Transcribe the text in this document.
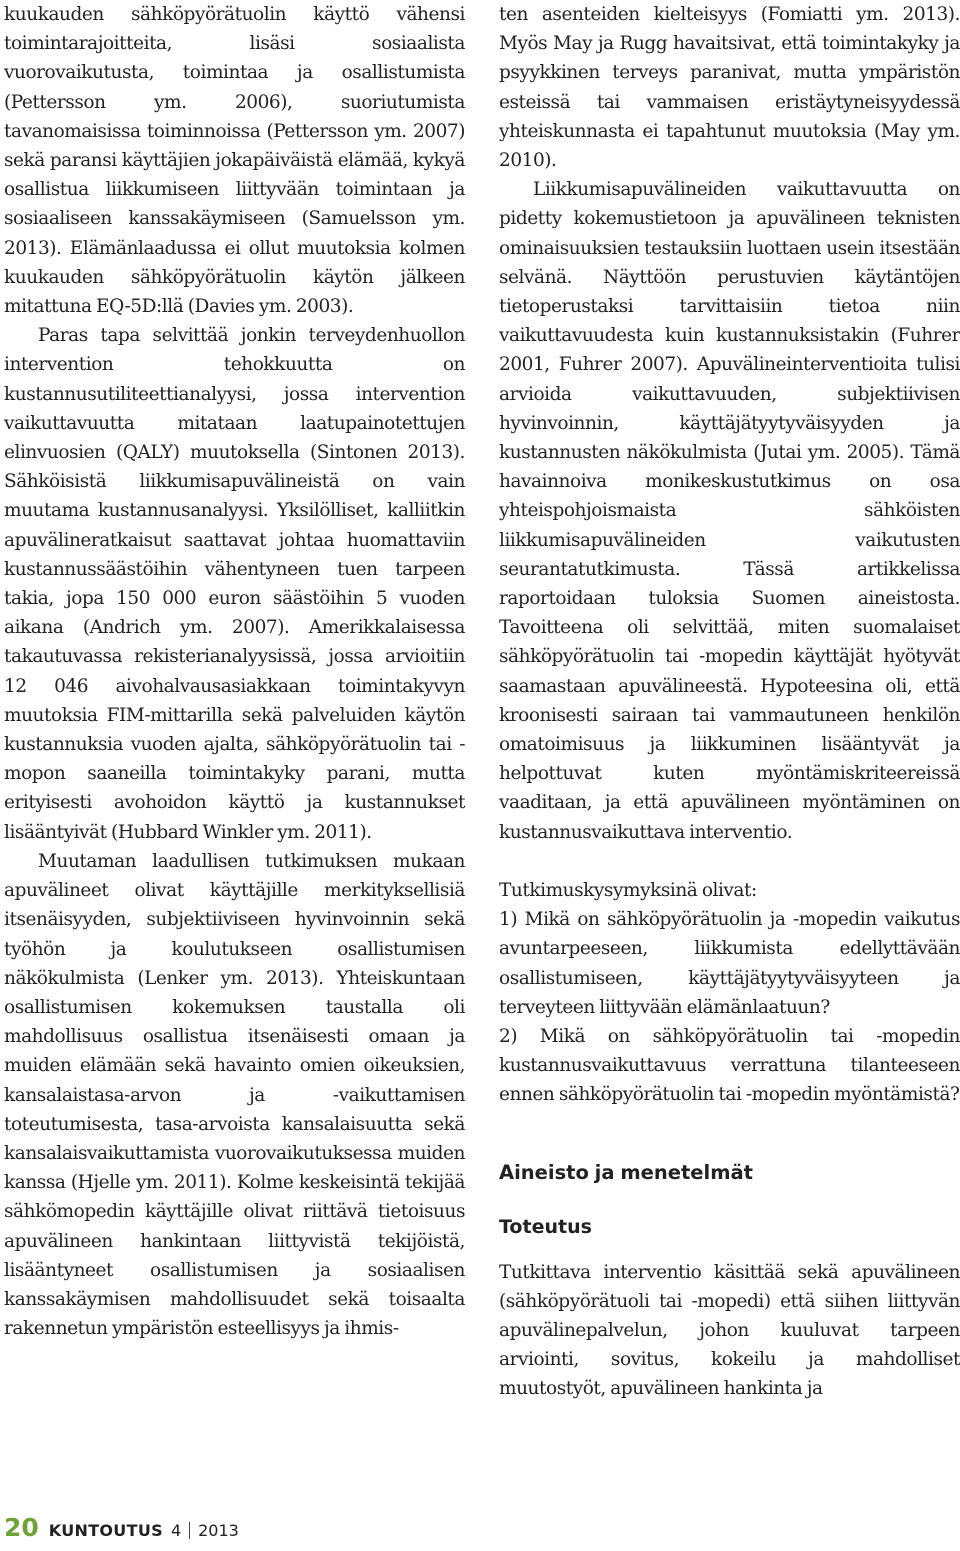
kuukauden sähköpyörätuolin käyttö vähensi toimintarajoitteita, lisäsi sosiaalista vuorovaikutusta, toimintaa ja osallistumista (Pettersson ym. 2006), suoriutumista tavanomaisissa toiminnoissa (Pettersson ym. 2007) sekä paransi käyttäjien jokapäiväistä elämää, kykyä osallistua liikkumiseen liittyvään toimintaan ja sosiaaliseen kanssakäymiseen (Samuelsson ym. 2013). Elämänlaadussa ei ollut muutoksia kolmen kuukauden sähköpyörätuolin käytön jälkeen mitattuna EQ-5D:llä (Davies ym. 2003).

Paras tapa selvittää jonkin terveydenhuollon intervention tehokkuutta on kustannusutiliteettianalyysi, jossa intervention vaikuttavuutta mitataan laatupainotettujen elinvuosien (QALY) muutoksella (Sintonen 2013). Sähköisistä liikkumisapuvälineistä on vain muutama kustannusanalyysi. Yksilölliset, kalliitkin apuvälineratkaisut saattavat johtaa huomattaviin kustannussäästöihin vähentyneen tuen tarpeen takia, jopa 150 000 euron säästöihin 5 vuoden aikana (Andrich ym. 2007). Amerikkalaisessa takautuvassa rekisterianalyysissä, jossa arvioitiin 12 046 aivohalvausasiakkaan toimintakyvyn muutoksia FIM-mittarilla sekä palveluiden käytön kustannuksia vuoden ajalta, sähköpyörätuolin tai -mopon saaneilla toimintakyky parani, mutta erityisesti avohoidon käyttö ja kustannukset lisääntyivät (Hubbard Winkler ym. 2011).

Muutaman laadullisen tutkimuksen mukaan apuvälineet olivat käyttäjille merkityksellisiä itsenäisyyden, subjektiiviseen hyvinvoinnin sekä työhön ja koulutukseen osallistumisen näkökulmista (Lenker ym. 2013). Yhteiskuntaan osallistumisen kokemuksen taustalla oli mahdollisuus osallistua itsenäisesti omaan ja muiden elämään sekä havainto omien oikeuksien, kansalaistasa-arvon ja -vaikuttamisen toteutumisesta, tasa-arvoista kansalaisuutta sekä kansalaisvaikuttamista vuorovaikutuksessa muiden kanssa (Hjelle ym. 2011). Kolme keskeisintä tekijää sähkömopedin käyttäjille olivat riittävä tietoisuus apuvälineen hankintaan liittyvistä tekijöistä, lisääntyneet osallistumisen ja sosiaalisen kanssakäymisen mahdollisuudet sekä toisaalta rakennetun ympäristön esteellisyys ja ihmis-

ten asenteiden kielteisyys (Fomiatti ym. 2013). Myös May ja Rugg havaitsivat, että toimintakyky ja psyykkinen terveys paranivat, mutta ympäristön esteissä tai vammaisen eristäytyneisyydessä yhteiskunnasta ei tapahtunut muutoksia (May ym. 2010).

Liikkumisapuvälineiden vaikuttavuutta on pidetty kokemustietoon ja apuvälineen teknisten ominaisuuksien testauksiin luottaen usein itsestään selvänä. Näyttöön perustuvien käytäntöjen tietoperustaksi tarvittaisiin tietoa niin vaikuttavuudesta kuin kustannuksistakin (Fuhrer 2001, Fuhrer 2007). Apuvälineinterventioita tulisi arvioida vaikuttavuuden, subjektiivisen hyvinvoinnin, käyttäjätyytyväisyyden ja kustannusten näkökulmista (Jutai ym. 2005). Tämä havainnoiva monikeskustutkimus on osa yhteispohjoismaista sähköisten liikkumisapuvälineiden vaikutusten seurantatutkimusta. Tässä artikkelissa raportoidaan tuloksia Suomen aineistosta. Tavoitteena oli selvittää, miten suomalaiset sähköpyörätuolin tai -mopedin käyttäjät hyötyvät saamastaan apuvälineestä. Hypoteesina oli, että kroonisesti sairaan tai vammautuneen henkilön omatoimisuus ja liikkuminen lisääntyvät ja helpottuvat kuten myöntämiskriteereissä vaaditaan, ja että apuvälineen myöntäminen on kustannusvaikuttava interventio.

Tutkimuskysymyksinä olivat:

1) Mikä on sähköpyörätuolin ja -mopedin vaikutus avuntarpeeseen, liikkumista edellyttävään osallistumiseen, käyttäjätyytyväisyyteen ja terveyteen liittyvään elämänlaatuun?

2) Mikä on sähköpyörätuolin tai -mopedin kustannusvaikuttavuus verrattuna tilanteeseen ennen sähköpyörätuolin tai -mopedin myöntämistä?

Aineisto ja menetelmät
Toteutus

Tutkittava interventio käsittää sekä apuvälineen (sähköpyörätuoli tai -mopedi) että siihen liittyvän apuvälinepalvelun, johon kuuluvat tarpeen arviointi, sovitus, kokeilu ja mahdolliset muutostyöt, apuvälineen hankinta ja

20 KUNTOUTUS 4 2013
